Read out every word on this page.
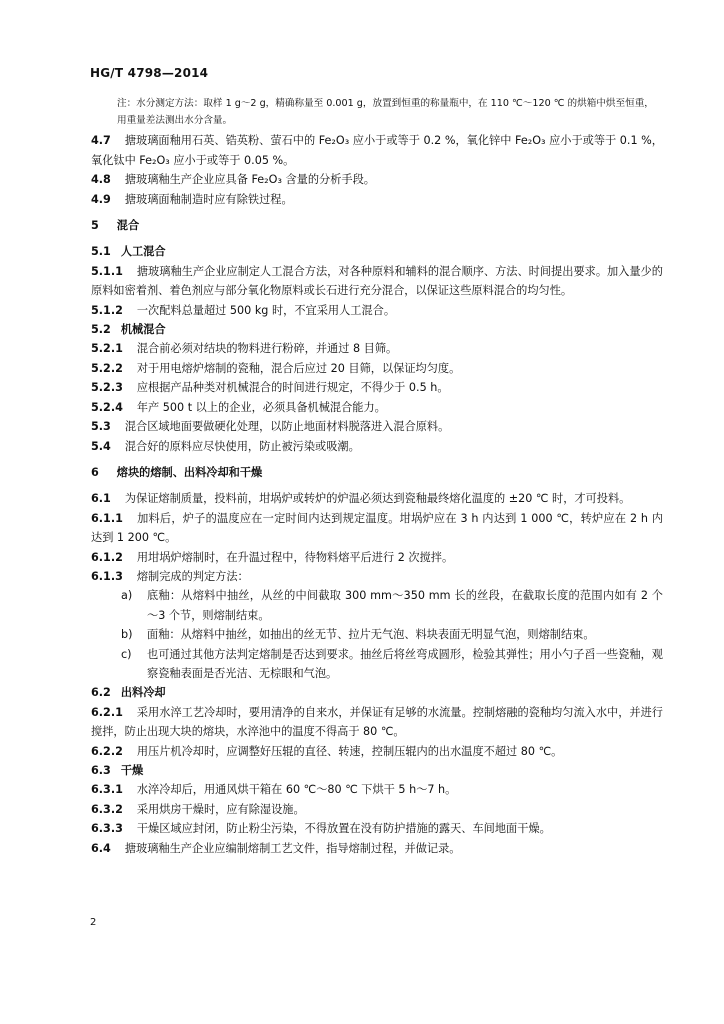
HG/T 4798—2014
注：水分测定方法：取样 1 g～2 g，精确称量至 0.001 g，放置到恒重的称量瓶中，在 110 ℃～120 ℃ 的烘箱中烘至恒重，用重量差法测出水分含量。
4.7 搪玻璃面釉用石英、锆英粉、萤石中的 Fe₂O₃ 应小于或等于 0.2 %，氧化锌中 Fe₂O₃ 应小于或等于 0.1 %，氧化钛中 Fe₂O₃ 应小于或等于 0.05 %。
4.8 搪玻璃釉生产企业应具备 Fe₂O₃ 含量的分析手段。
4.9 搪玻璃面釉制造时应有除铁过程。
5 混合
5.1 人工混合
5.1.1 搪玻璃釉生产企业应制定人工混合方法，对各种原料和辅料的混合顺序、方法、时间提出要求。加入量少的原料如密着剂、着色剂应与部分氧化物原料或长石进行充分混合，以保证这些原料混合的均匀性。
5.1.2 一次配料总量超过 500 kg 时，不宜采用人工混合。
5.2 机械混合
5.2.1 混合前必须对结块的物料进行粉碎，并通过 8 目筛。
5.2.2 对于用电熔炉熔制的瓷釉，混合后应过 20 目筛，以保证均匀度。
5.2.3 应根据产品种类对机械混合的时间进行规定，不得少于 0.5 h。
5.2.4 年产 500 t 以上的企业，必须具备机械混合能力。
5.3 混合区域地面要做硬化处理，以防止地面材料脱落进入混合原料。
5.4 混合好的原料应尽快使用，防止被污染或吸潮。
6 熔块的熔制、出料冷却和干燥
6.1 为保证熔制质量，投料前，坩埚炉或转炉的炉温必须达到瓷釉最终熔化温度的 ±20 ℃ 时，才可投料。
6.1.1 加料后，炉子的温度应在一定时间内达到规定温度。坩埚炉应在 3 h 内达到 1 000 ℃，转炉应在 2 h 内达到 1 200 ℃。
6.1.2 用坩埚炉熔制时，在升温过程中，待物料熔平后进行 2 次搅拌。
6.1.3 熔制完成的判定方法：
a)	底釉：从熔料中抽丝，从丝的中间截取 300 mm～350 mm 长的丝段，在截取长度的范围内如有 2 个～3 个节，则熔制结束。
b)	面釉：从熔料中抽丝，如抽出的丝无节、拉片无气泡、料块表面无明显气泡，则熔制结束。
c)	也可通过其他方法判定熔制是否达到要求。抽丝后将丝弯成圆形，检验其弹性；用小勺子舀一些瓷釉，观察瓷釉表面是否光洁、无棕眼和气泡。
6.2 出料冷却
6.2.1 采用水淬工艺冷却时，要用清净的自来水，并保证有足够的水流量。控制熔融的瓷釉均匀流入水中，并进行搅拌，防止出现大块的熔块，水淬池中的温度不得高于 80 ℃。
6.2.2 用压片机冷却时，应调整好压辊的直径、转速，控制压辊内的出水温度不超过 80 ℃。
6.3 干燥
6.3.1 水淬冷却后，用通风烘干箱在 60 ℃～80 ℃ 下烘干 5 h～7 h。
6.3.2 采用烘房干燥时，应有除湿设施。
6.3.3 干燥区域应封闭，防止粉尘污染，不得放置在没有防护措施的露天、车间地面干燥。
6.4 搪玻璃釉生产企业应编制熔制工艺文件，指导熔制过程，并做记录。
2
